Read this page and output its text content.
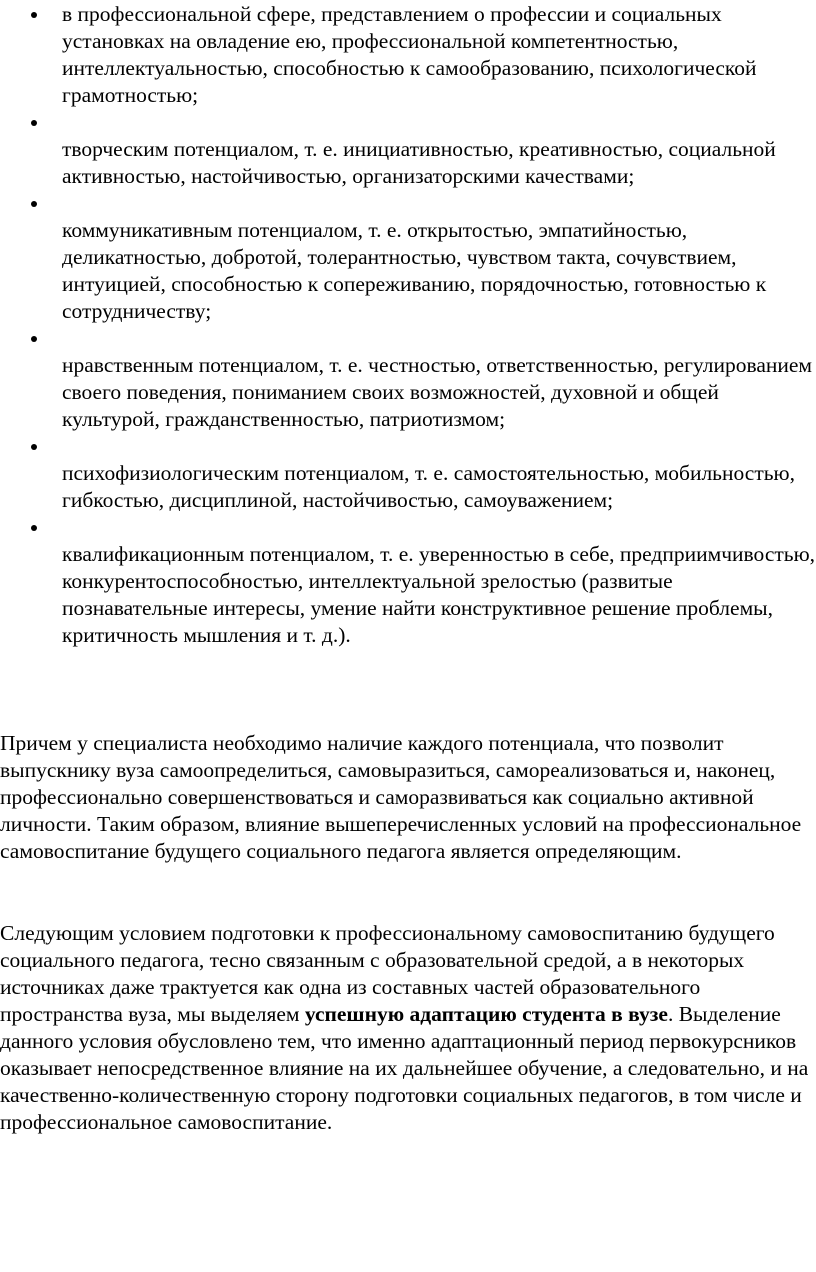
в профессиональной сфере, представлением о профессии и социальных установках на овладение ею, профессиональной компетентностью, интеллектуальностью, способностью к самообразованию, психологической грамотностью;
творческим потенциалом, т. е. инициативностью, креативностью, социальной активностью, настойчивостью, организаторскими качествами;
коммуникативным потенциалом, т. е. открытостью, эмпатийностью, деликатностью, добротой, толерантностью, чувством такта, сочувствием, интуицией, способностью к сопереживанию, порядочностью, готовностью к сотрудничеству;
нравственным потенциалом, т. е. честностью, ответственностью, регулированием своего поведения, пониманием своих возможностей, духовной и общей культурой, гражданственностью, патриотизмом;
психофизиологическим потенциалом, т. е. самостоятельностью, мобильностью, гибкостью, дисциплиной, настойчивостью, самоуважением;
квалификационным потенциалом, т. е. уверенностью в себе, предприимчивостью, конкурентоспособностью, интеллектуальной зрелостью (развитые познавательные интересы, умение найти конструктивное решение проблемы, критичность мышления и т. д.).

Причем у специалиста необходимо наличие каждого потенциала, что позволит выпускнику вуза самоопределиться, самовыразиться, самореализоваться и, наконец, профессионально совершенствоваться и саморазвиваться как социально активной личности. Таким образом, влияние вышеперечисленных условий на профессиональное самовоспитание будущего социального педагога является определяющим.

Следующим условием подготовки к профессиональному самовоспитанию будущего социального педагога, тесно связанным с образовательной средой, а в некоторых источниках даже трактуется как одна из составных частей образовательного пространства вуза, мы выделяем успешную адаптацию студента в вузе. Выделение данного условия обусловлено тем, что именно адаптационный период первокурсников оказывает непосредственное влияние на их дальнейшее обучение, а следовательно, и на качественно-количественную сторону подготовки социальных педагогов, в том числе и профессиональное самовоспитание.
